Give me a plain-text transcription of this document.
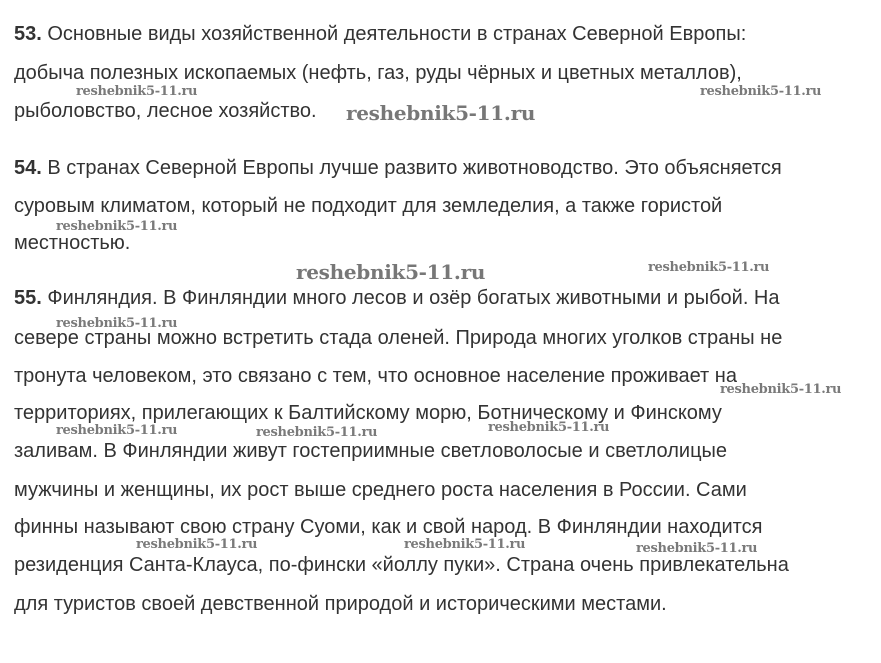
53. Основные виды хозяйственной деятельности в странах Северной Европы:
добыча полезных ископаемых (нефть, газ, руды чёрных и цветных металлов),
рыболовство, лесное хозяйство.
54. В странах Северной Европы лучше развито животноводство. Это объясняется
суровым климатом, который не подходит для земледелия, а также гористой
местностью.
55. Финляндия. В Финляндии много лесов и озёр богатых животными и рыбой. На
севере страны можно встретить стада оленей. Природа многих уголков страны не
тронута человеком, это связано с тем, что основное население проживает на
территориях, прилегающих к Балтийскому морю, Ботническому и Финскому
заливам. В Финляндии живут гостеприимные светловолосые и светлолицые
мужчины и женщины, их рост выше среднего роста населения в России. Сами
финны называют свою страну Суоми, как и свой народ. В Финляндии находится
резиденция Санта-Клауса, по-фински «йоллу пуки». Страна очень привлекательна
для туристов своей девственной природой и историческими местами.
reshebnik5-11.ru	reshebnik5-11.ru
reshebnik5-11.ru
reshebnik5-11.ru
reshebnik5-11.ru	reshebnik5-11.ru
reshebnik5-11.ru
reshebnik5-11.ru
reshebnik5-11.ru	reshebnik5-11.ru	reshebnik5-11.ru
reshebnik5-11.ru	reshebnik5-11.ru	reshebnik5-11.ru
